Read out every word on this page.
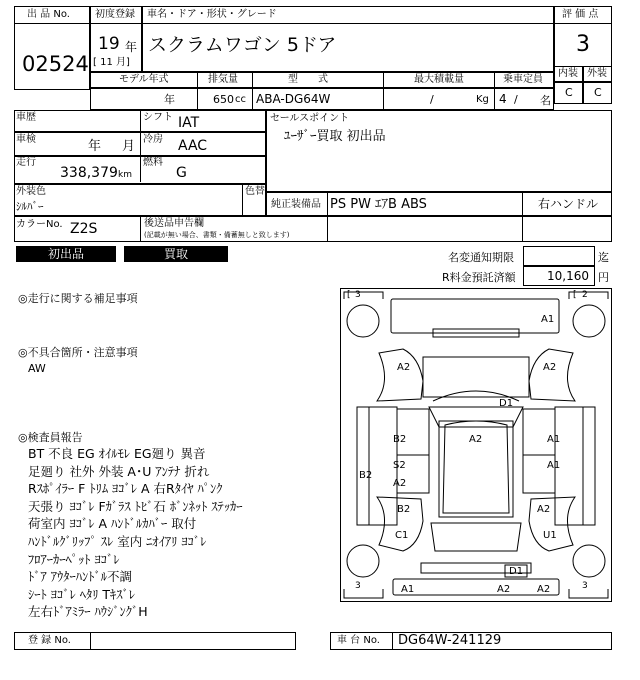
出 品 No.
02524
初度登録
19 年
[ 11 月]
車名・ドア・形状・グレード
スクラムワゴン 5ドア
評 価 点
3
内装 外装
C C
モデル年式	排気量	型　　式	最大積載量	乗車定員
年	650 cc ABA-DG64W	/	Kg 4 / 名
車歴	シフト IAT
車検	年 月 冷房 AAC
走行
338,379 km
燃料
G
セールスポイント
ﾕｰｻﾞｰ買取 初出品
外装色
ｼﾙﾊﾞｰ
色替
純正装備品 PS PW ｴｱB ABS	右ハンドル
カラーNo. Z2S	後送品申告欄
(記載が無い場合、書類・備蓄無しと致します)
初出品	買取	名変通知期限	迄
R料金預託済額	10,160 円
◎走行に関する補足事項
◎不具合箇所・注意事項
AW
◎検査員報告
BT 不良 EG ｵｲﾙﾓﾚ EG廻り 異音
足廻り 社外 外装 A･U ｱﾝﾃﾅ 折れ
Rｽﾎﾟｲﾗｰ F ﾄﾘﾑ ﾖｺﾞﾚ A 右Rﾀｲﾔ ﾊﾟﾝｸ
天張り ﾖｺﾞﾚ Fｶﾞﾗｽ ﾄﾋﾞ石 ﾎﾞﾝﾈｯﾄ ｽﾃｯｶｰ
荷室内 ﾖｺﾞﾚ A ﾊﾝﾄﾞﾙｶﾊﾞｰ 取付
ﾊﾝﾄﾞﾙｸﾞﾘｯﾌﾟ ｽﾚ 室内 ﾆｵｲｱﾘ ﾖｺﾞﾚ
ﾌﾛｱｰｶｰﾍﾟｯﾄ ﾖｺﾞﾚ
ﾄﾞｱ ｱｳﾀｰﾊﾝﾄﾞﾙ不調
ｼｰﾄ ﾖｺﾞﾚ ﾍﾀﾘ Tｷｽﾞﾚ
左右ﾄﾞｱﾐﾗｰ ﾊｳｼﾞﾝｸﾞH
[ 3	[ 2
3	3
A1
A2	A2
D1
A2
B2	A1
S2
A2
A1
B2
B2	A2
C1	U1
D1
A1	A2	A2
登 録 No.	車 台 No. DG64W-241129
